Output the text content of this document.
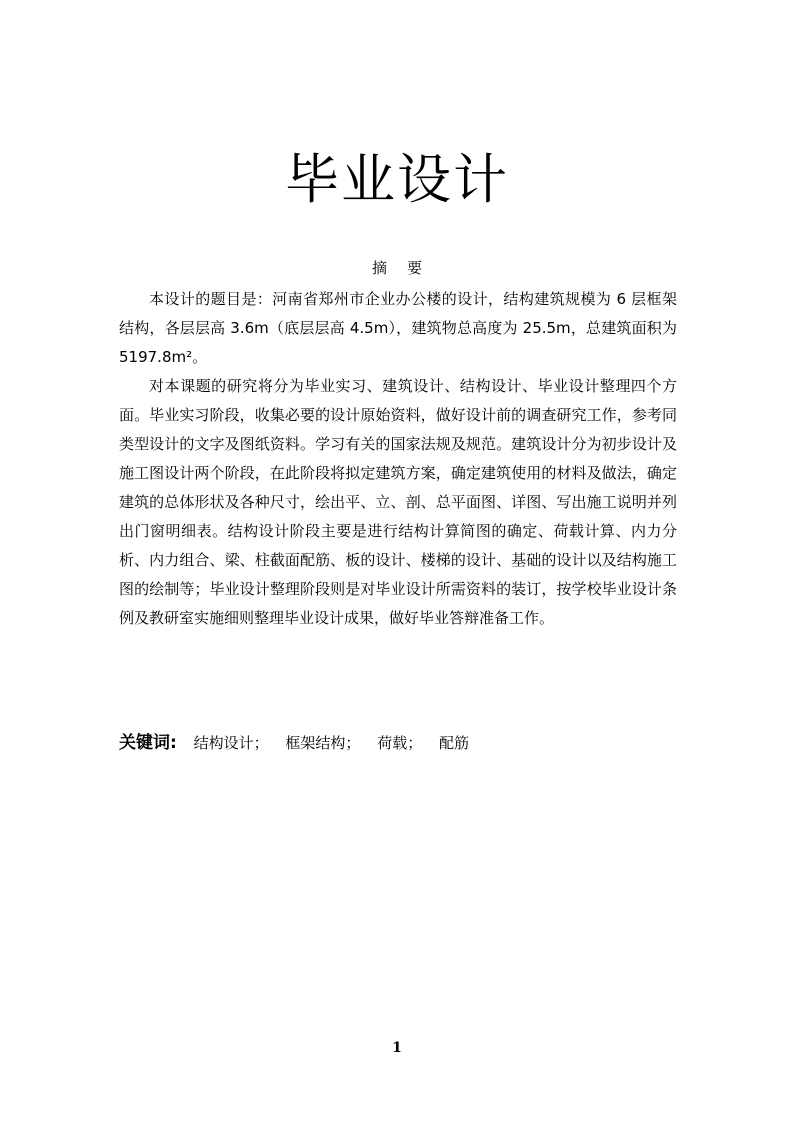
毕业设计
摘要

本设计的题目是：河南省郑州市企业办公楼的设计，结构建筑规模为 6 层框架结构，各层层高 3.6m（底层层高 4.5m），建筑物总高度为 25.5m，总建筑面积为 5197.8m²。

对本课题的研究将分为毕业实习、建筑设计、结构设计、毕业设计整理四个方面。毕业实习阶段，收集必要的设计原始资料，做好设计前的调查研究工作，参考同类型设计的文字及图纸资料。学习有关的国家法规及规范。建筑设计分为初步设计及施工图设计两个阶段，在此阶段将拟定建筑方案，确定建筑使用的材料及做法，确定建筑的总体形状及各种尺寸，绘出平、立、剖、总平面图、详图、写出施工说明并列出门窗明细表。结构设计阶段主要是进行结构计算简图的确定、荷载计算、内力分析、内力组合、梁、柱截面配筋、板的设计、楼梯的设计、基础的设计以及结构施工图的绘制等；毕业设计整理阶段则是对毕业设计所需资料的装订，按学校毕业设计条例及教研室实施细则整理毕业设计成果，做好毕业答辩准备工作。

关键词: 结构设计； 框架结构； 荷载； 配筋
1
